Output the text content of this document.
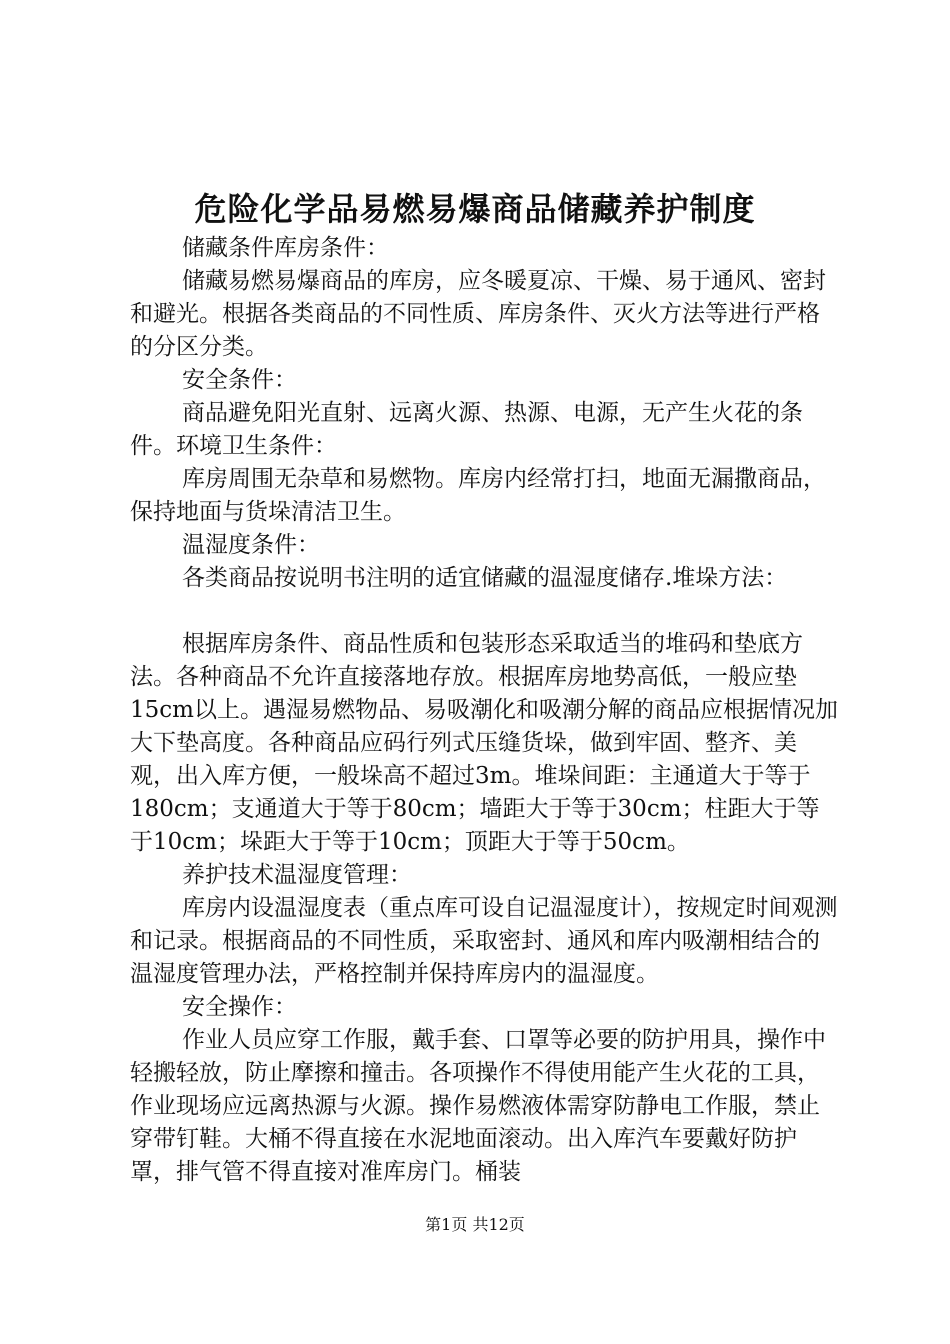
危险化学品易燃易爆商品储藏养护制度

储藏条件库房条件：

储藏易燃易爆商品的库房，应冬暖夏凉、干燥、易于通风、密封和避光。根据各类商品的不同性质、库房条件、灭火方法等进行严格的分区分类。

安全条件：

商品避免阳光直射、远离火源、热源、电源，无产生火花的条件。环境卫生条件：

库房周围无杂草和易燃物。库房内经常打扫，地面无漏撒商品，保持地面与货垛清洁卫生。

温湿度条件：

各类商品按说明书注明的适宜储藏的温湿度储存.堆垛方法：

根据库房条件、商品性质和包装形态采取适当的堆码和垫底方法。各种商品不允许直接落地存放。根据库房地势高低，一般应垫15cm以上。遇湿易燃物品、易吸潮化和吸潮分解的商品应根据情况加大下垫高度。各种商品应码行列式压缝货垛，做到牢固、整齐、美观，出入库方便，一般垛高不超过3m。堆垛间距：主通道大于等于180cm；支通道大于等于80cm；墙距大于等于30cm；柱距大于等于10cm；垛距大于等于10cm；顶距大于等于50cm。

养护技术温湿度管理：

库房内设温湿度表（重点库可设自记温湿度计），按规定时间观测和记录。根据商品的不同性质，采取密封、通风和库内吸潮相结合的温湿度管理办法，严格控制并保持库房内的温湿度。

安全操作：

作业人员应穿工作服，戴手套、口罩等必要的防护用具，操作中轻搬轻放，防止摩擦和撞击。各项操作不得使用能产生火花的工具，作业现场应远离热源与火源。操作易燃液体需穿防静电工作服，禁止穿带钉鞋。大桶不得直接在水泥地面滚动。出入库汽车要戴好防护罩，排气管不得直接对准库房门。桶装

第1页 共12页
